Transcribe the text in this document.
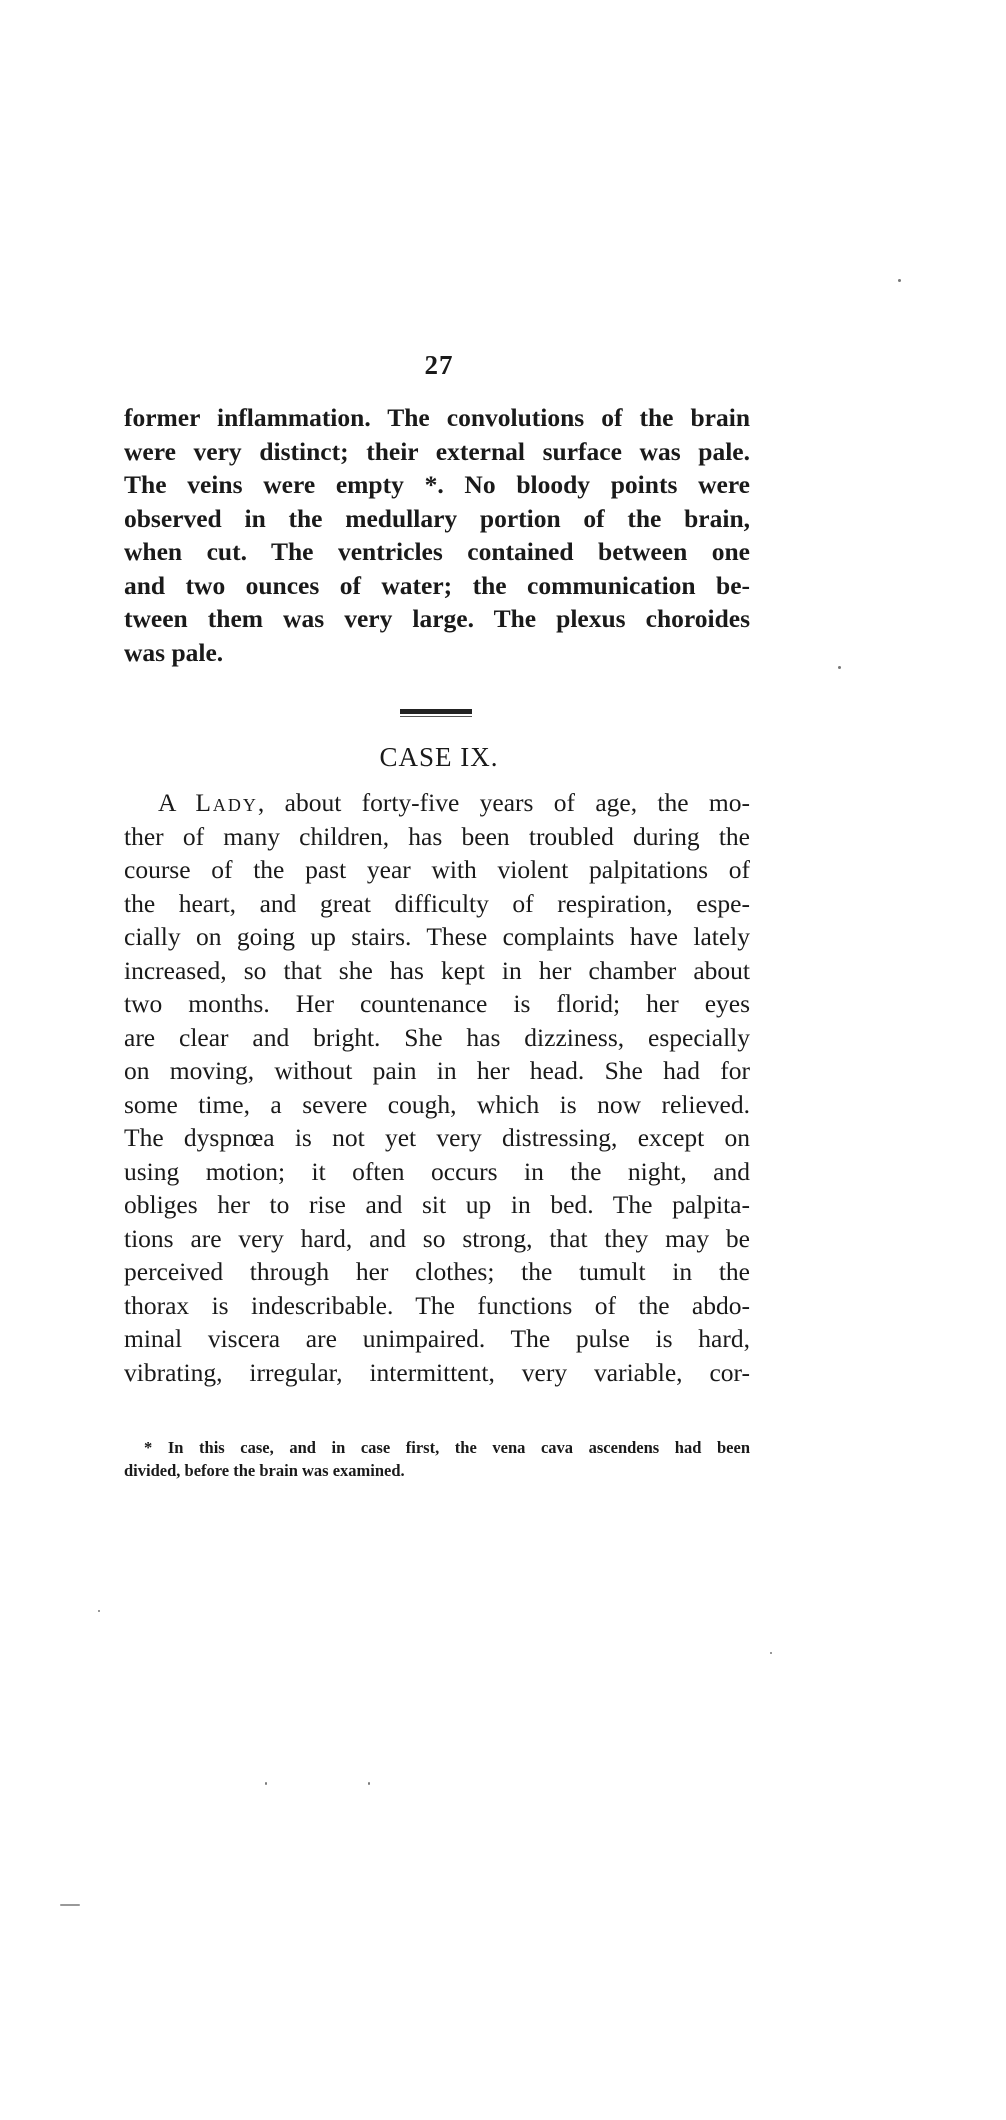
27
former inflammation. The convolutions of the brain
were very distinct; their external surface was pale.
The veins were empty *. No bloody points were
observed in the medullary portion of the brain,
when cut. The ventricles contained between one
and two ounces of water; the communication be-
tween them was very large. The plexus choroides
was pale.
CASE IX.
A Lady, about forty-five years of age, the mo-
ther of many children, has been troubled during the
course of the past year with violent palpitations of
the heart, and great difficulty of respiration, espe-
cially on going up stairs. These complaints have lately
increased, so that she has kept in her chamber about
two months. Her countenance is florid; her eyes
are clear and bright. She has dizziness, especially
on moving, without pain in her head. She had for
some time, a severe cough, which is now relieved.
The dyspnœa is not yet very distressing, except on
using motion; it often occurs in the night, and
obliges her to rise and sit up in bed. The palpita-
tions are very hard, and so strong, that they may be
perceived through her clothes; the tumult in the
thorax is indescribable. The functions of the abdo-
minal viscera are unimpaired. The pulse is hard,
vibrating, irregular, intermittent, very variable, cor-
* In this case, and in case first, the vena cava ascendens had been
divided, before the brain was examined.
